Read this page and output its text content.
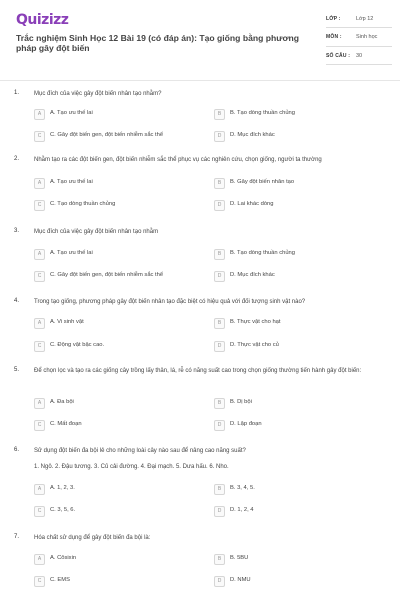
Quizizz
Trắc nghiệm Sinh Học 12 Bài 19 (có đáp án): Tạo giống bằng phương pháp gây đột biến
LỚP :	Lớp 12
MÔN :	Sinh học
SỐ CÂU :	30
1. Mục đích của việc gây đột biến nhân tạo nhằm?
A	A. Tạo ưu thế lai	B	B. Tạo dòng thuần chủng
C	C. Gây đột biến gen, đột biến nhiễm sắc thể	D	D. Mục đích khác
2. Nhằm tạo ra các đột biến gen, đột biến nhiễm sắc thể phục vụ các nghiên cứu, chọn giống, người ta thường
A	A. Tạo ưu thế lai	B	B. Gây đột biến nhân tạo
C	C. Tạo dòng thuần chủng	D	D. Lai khác dòng
3. Mục đích của việc gây đột biến nhân tạo nhằm
A	A. Tạo ưu thế lai	B	B. Tạo dòng thuần chủng
C	C. Gây đột biến gen, đột biến nhiễm sắc thể	D	D. Mục đích khác
4. Trong tạo giống, phương pháp gây đột biến nhân tạo đặc biệt có hiệu quả với đối tượng sinh vật nào?
A	A. Vi sinh vật	B	B. Thực vật cho hạt
C	C. Động vật bậc cao.	D	D. Thực vật cho củ
5. Để chọn lọc và tạo ra các giống cây trồng lấy thân, lá, rễ có năng suất cao trong chọn giống thường tiến hành gây đột biến:
A	A. Đa bội	B	B. Dị bội
C	C. Mất đoạn	D	D. Lặp đoạn
6. Sử dụng đột biến đa bội lẻ cho những loài cây nào sau để nâng cao năng suất?
1. Ngô. 2. Đậu tương. 3. Củ cải đường. 4. Đại mạch. 5. Dưa hấu. 6. Nho.
A	A. 1, 2, 3.	B	B. 3, 4, 5.
C	C. 3, 5, 6.	D	D. 1, 2, 4
7. Hóa chất sử dụng để gây đột biến đa bội là:
A	A. Côsixin	B	B. 5BU
C	C. EMS	D	D. NMU
